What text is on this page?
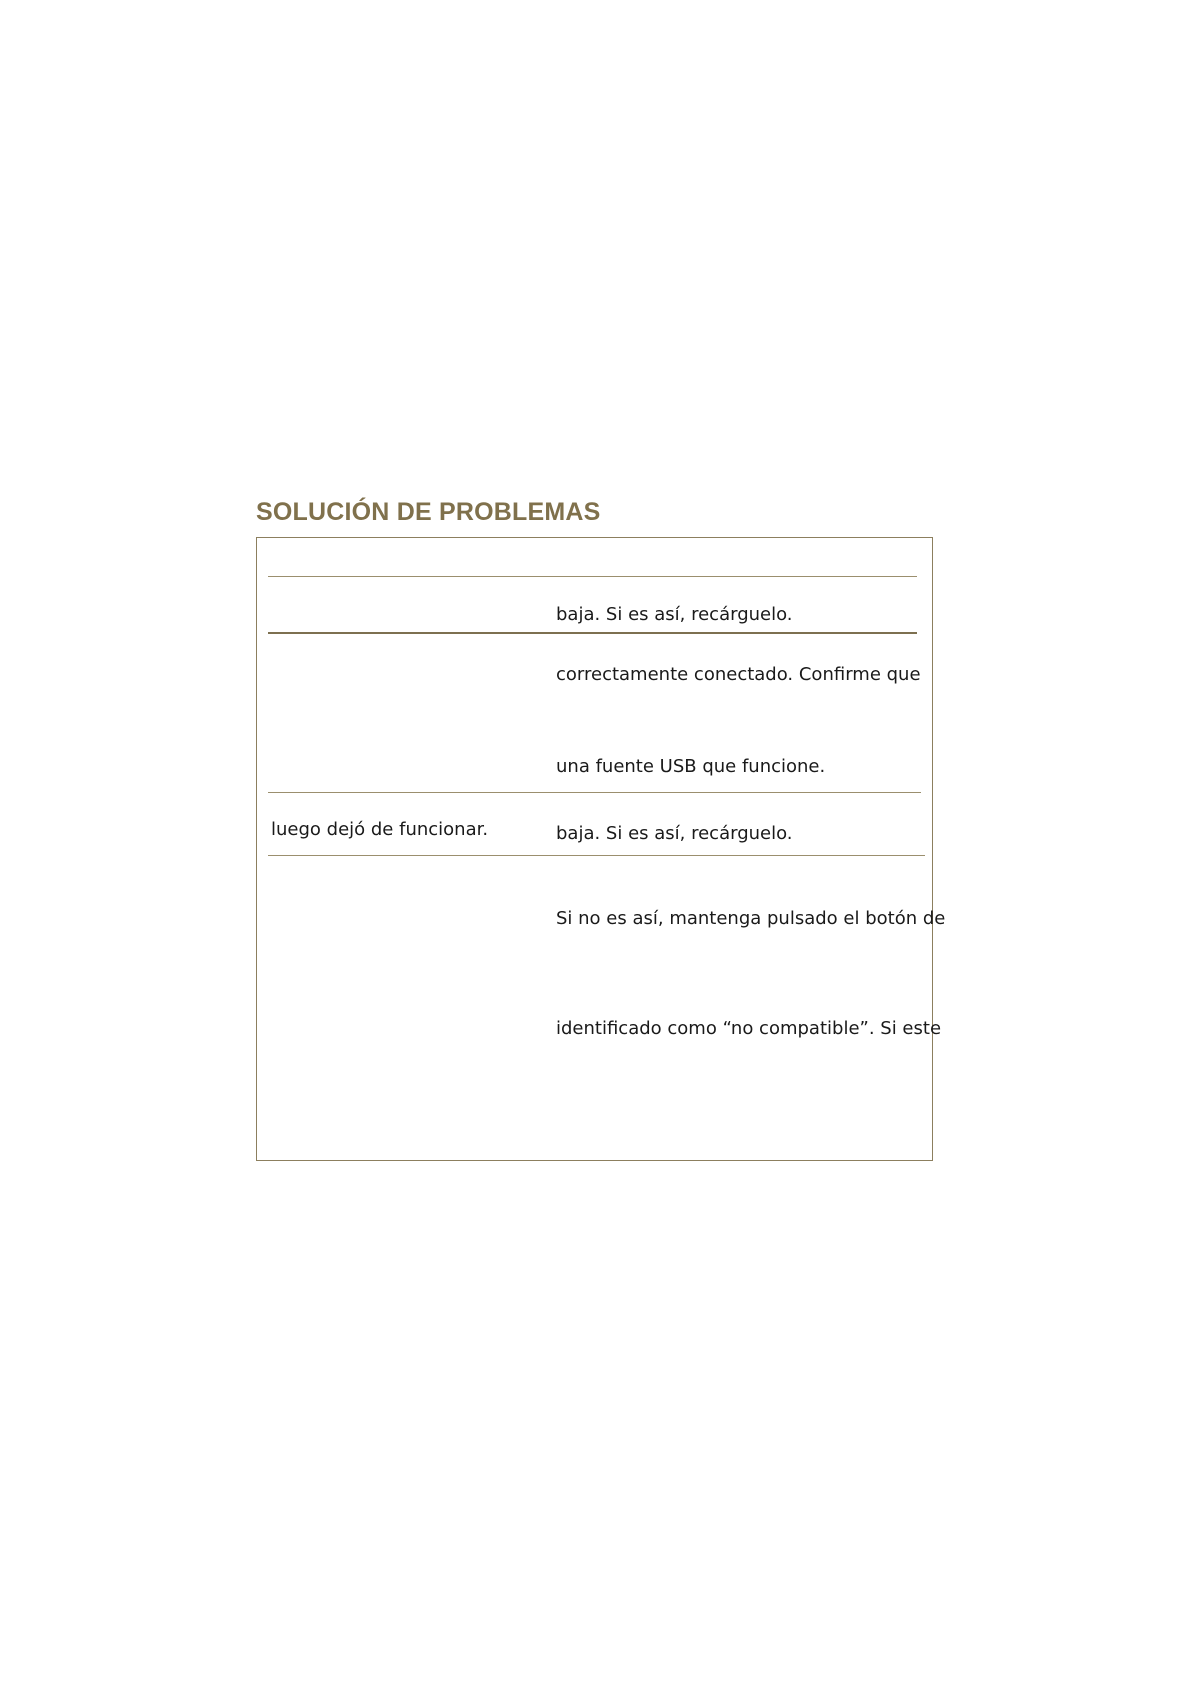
SOLUCIÓN DE PROBLEMAS
baja. Si es así, recárguelo.
correctamente conectado. Confirme que
una fuente USB que funcione.
luego dejó de funcionar.	baja. Si es así, recárguelo.
Si no es así, mantenga pulsado el botón de
identificado como “no compatible”. Si este
